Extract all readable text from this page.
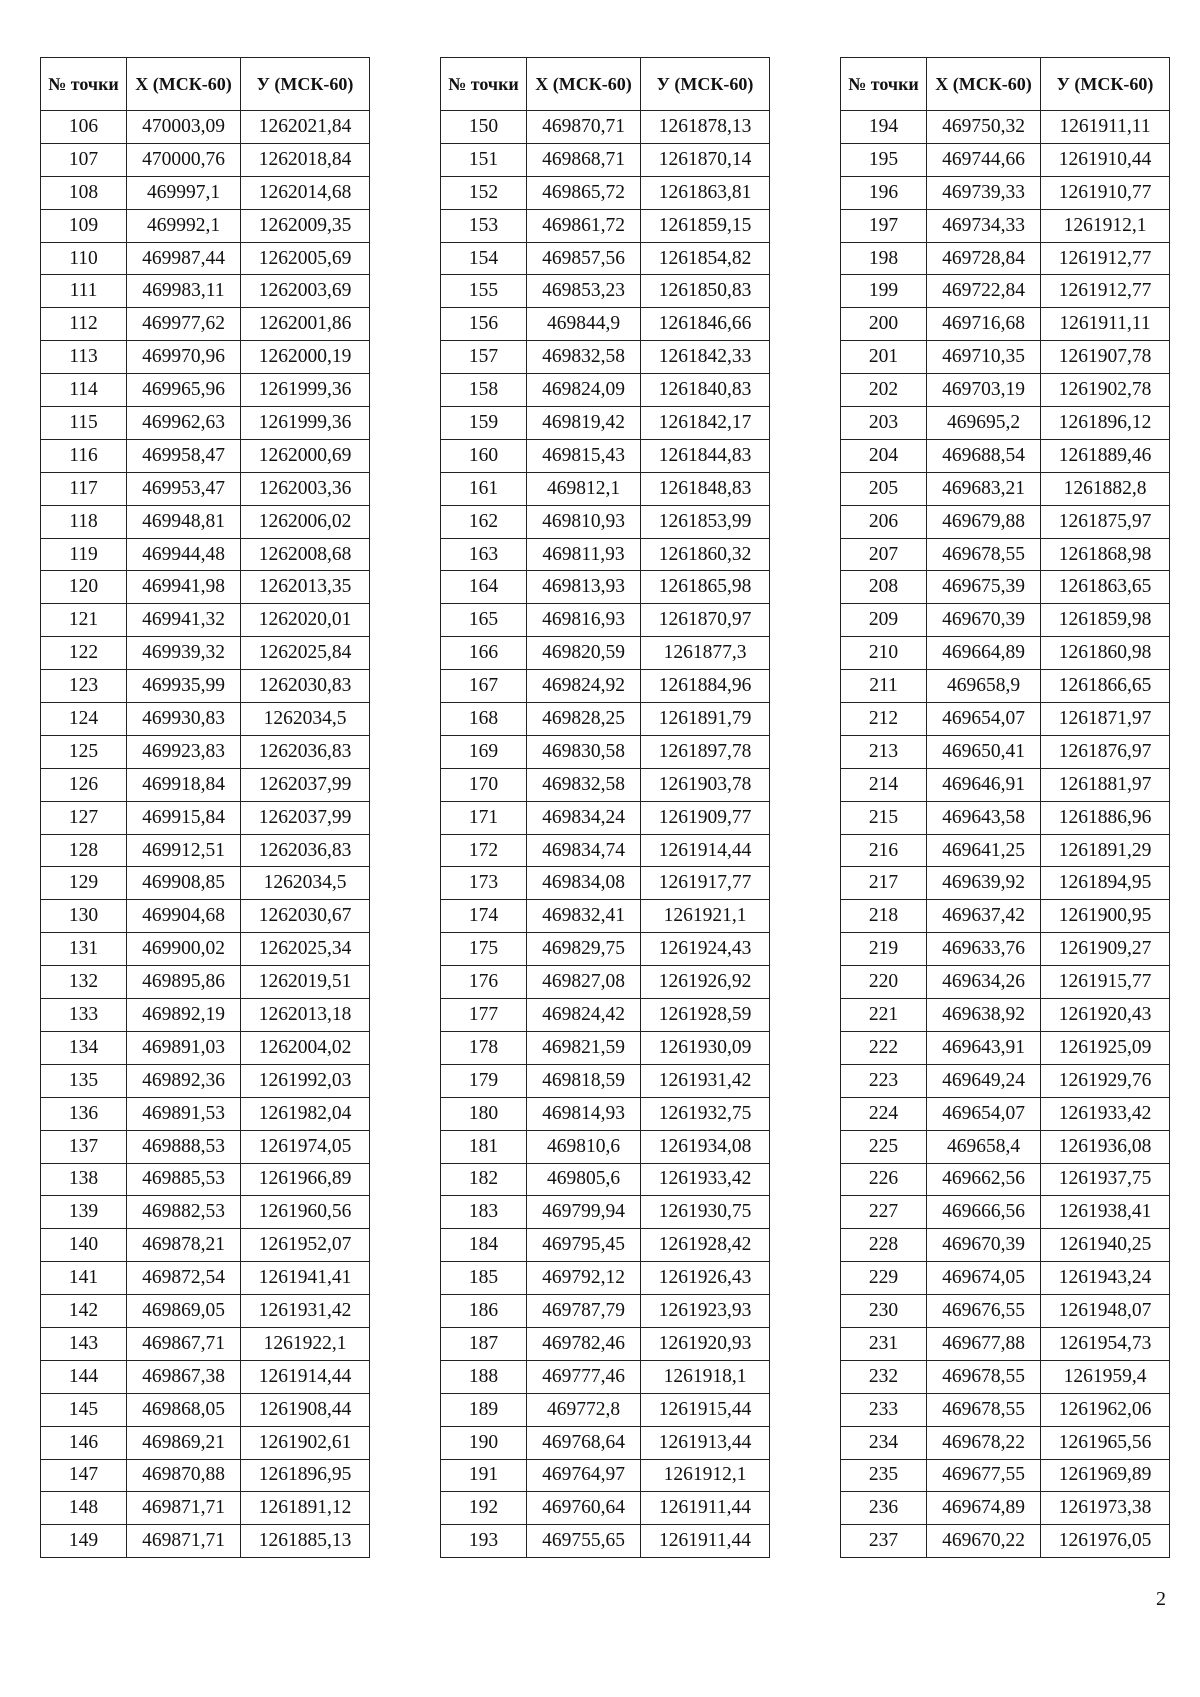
№ точки	X (МСК-60)	У (МСК-60)
106	470003,09	1262021,84
107	470000,76	1262018,84
108	469997,1	1262014,68
109	469992,1	1262009,35
110	469987,44	1262005,69
111	469983,11	1262003,69
112	469977,62	1262001,86
113	469970,96	1262000,19
114	469965,96	1261999,36
115	469962,63	1261999,36
116	469958,47	1262000,69
117	469953,47	1262003,36
118	469948,81	1262006,02
119	469944,48	1262008,68
120	469941,98	1262013,35
121	469941,32	1262020,01
122	469939,32	1262025,84
123	469935,99	1262030,83
124	469930,83	1262034,5
125	469923,83	1262036,83
126	469918,84	1262037,99
127	469915,84	1262037,99
128	469912,51	1262036,83
129	469908,85	1262034,5
130	469904,68	1262030,67
131	469900,02	1262025,34
132	469895,86	1262019,51
133	469892,19	1262013,18
134	469891,03	1262004,02
135	469892,36	1261992,03
136	469891,53	1261982,04
137	469888,53	1261974,05
138	469885,53	1261966,89
139	469882,53	1261960,56
140	469878,21	1261952,07
141	469872,54	1261941,41
142	469869,05	1261931,42
143	469867,71	1261922,1
144	469867,38	1261914,44
145	469868,05	1261908,44
146	469869,21	1261902,61
147	469870,88	1261896,95
148	469871,71	1261891,12
149	469871,71	1261885,13
№ точки	X (МСК-60)	У (МСК-60)
150	469870,71	1261878,13
151	469868,71	1261870,14
152	469865,72	1261863,81
153	469861,72	1261859,15
154	469857,56	1261854,82
155	469853,23	1261850,83
156	469844,9	1261846,66
157	469832,58	1261842,33
158	469824,09	1261840,83
159	469819,42	1261842,17
160	469815,43	1261844,83
161	469812,1	1261848,83
162	469810,93	1261853,99
163	469811,93	1261860,32
164	469813,93	1261865,98
165	469816,93	1261870,97
166	469820,59	1261877,3
167	469824,92	1261884,96
168	469828,25	1261891,79
169	469830,58	1261897,78
170	469832,58	1261903,78
171	469834,24	1261909,77
172	469834,74	1261914,44
173	469834,08	1261917,77
174	469832,41	1261921,1
175	469829,75	1261924,43
176	469827,08	1261926,92
177	469824,42	1261928,59
178	469821,59	1261930,09
179	469818,59	1261931,42
180	469814,93	1261932,75
181	469810,6	1261934,08
182	469805,6	1261933,42
183	469799,94	1261930,75
184	469795,45	1261928,42
185	469792,12	1261926,43
186	469787,79	1261923,93
187	469782,46	1261920,93
188	469777,46	1261918,1
189	469772,8	1261915,44
190	469768,64	1261913,44
191	469764,97	1261912,1
192	469760,64	1261911,44
193	469755,65	1261911,44
№ точки	X (МСК-60)	У (МСК-60)
194	469750,32	1261911,11
195	469744,66	1261910,44
196	469739,33	1261910,77
197	469734,33	1261912,1
198	469728,84	1261912,77
199	469722,84	1261912,77
200	469716,68	1261911,11
201	469710,35	1261907,78
202	469703,19	1261902,78
203	469695,2	1261896,12
204	469688,54	1261889,46
205	469683,21	1261882,8
206	469679,88	1261875,97
207	469678,55	1261868,98
208	469675,39	1261863,65
209	469670,39	1261859,98
210	469664,89	1261860,98
211	469658,9	1261866,65
212	469654,07	1261871,97
213	469650,41	1261876,97
214	469646,91	1261881,97
215	469643,58	1261886,96
216	469641,25	1261891,29
217	469639,92	1261894,95
218	469637,42	1261900,95
219	469633,76	1261909,27
220	469634,26	1261915,77
221	469638,92	1261920,43
222	469643,91	1261925,09
223	469649,24	1261929,76
224	469654,07	1261933,42
225	469658,4	1261936,08
226	469662,56	1261937,75
227	469666,56	1261938,41
228	469670,39	1261940,25
229	469674,05	1261943,24
230	469676,55	1261948,07
231	469677,88	1261954,73
232	469678,55	1261959,4
233	469678,55	1261962,06
234	469678,22	1261965,56
235	469677,55	1261969,89
236	469674,89	1261973,38
237	469670,22	1261976,05
2
